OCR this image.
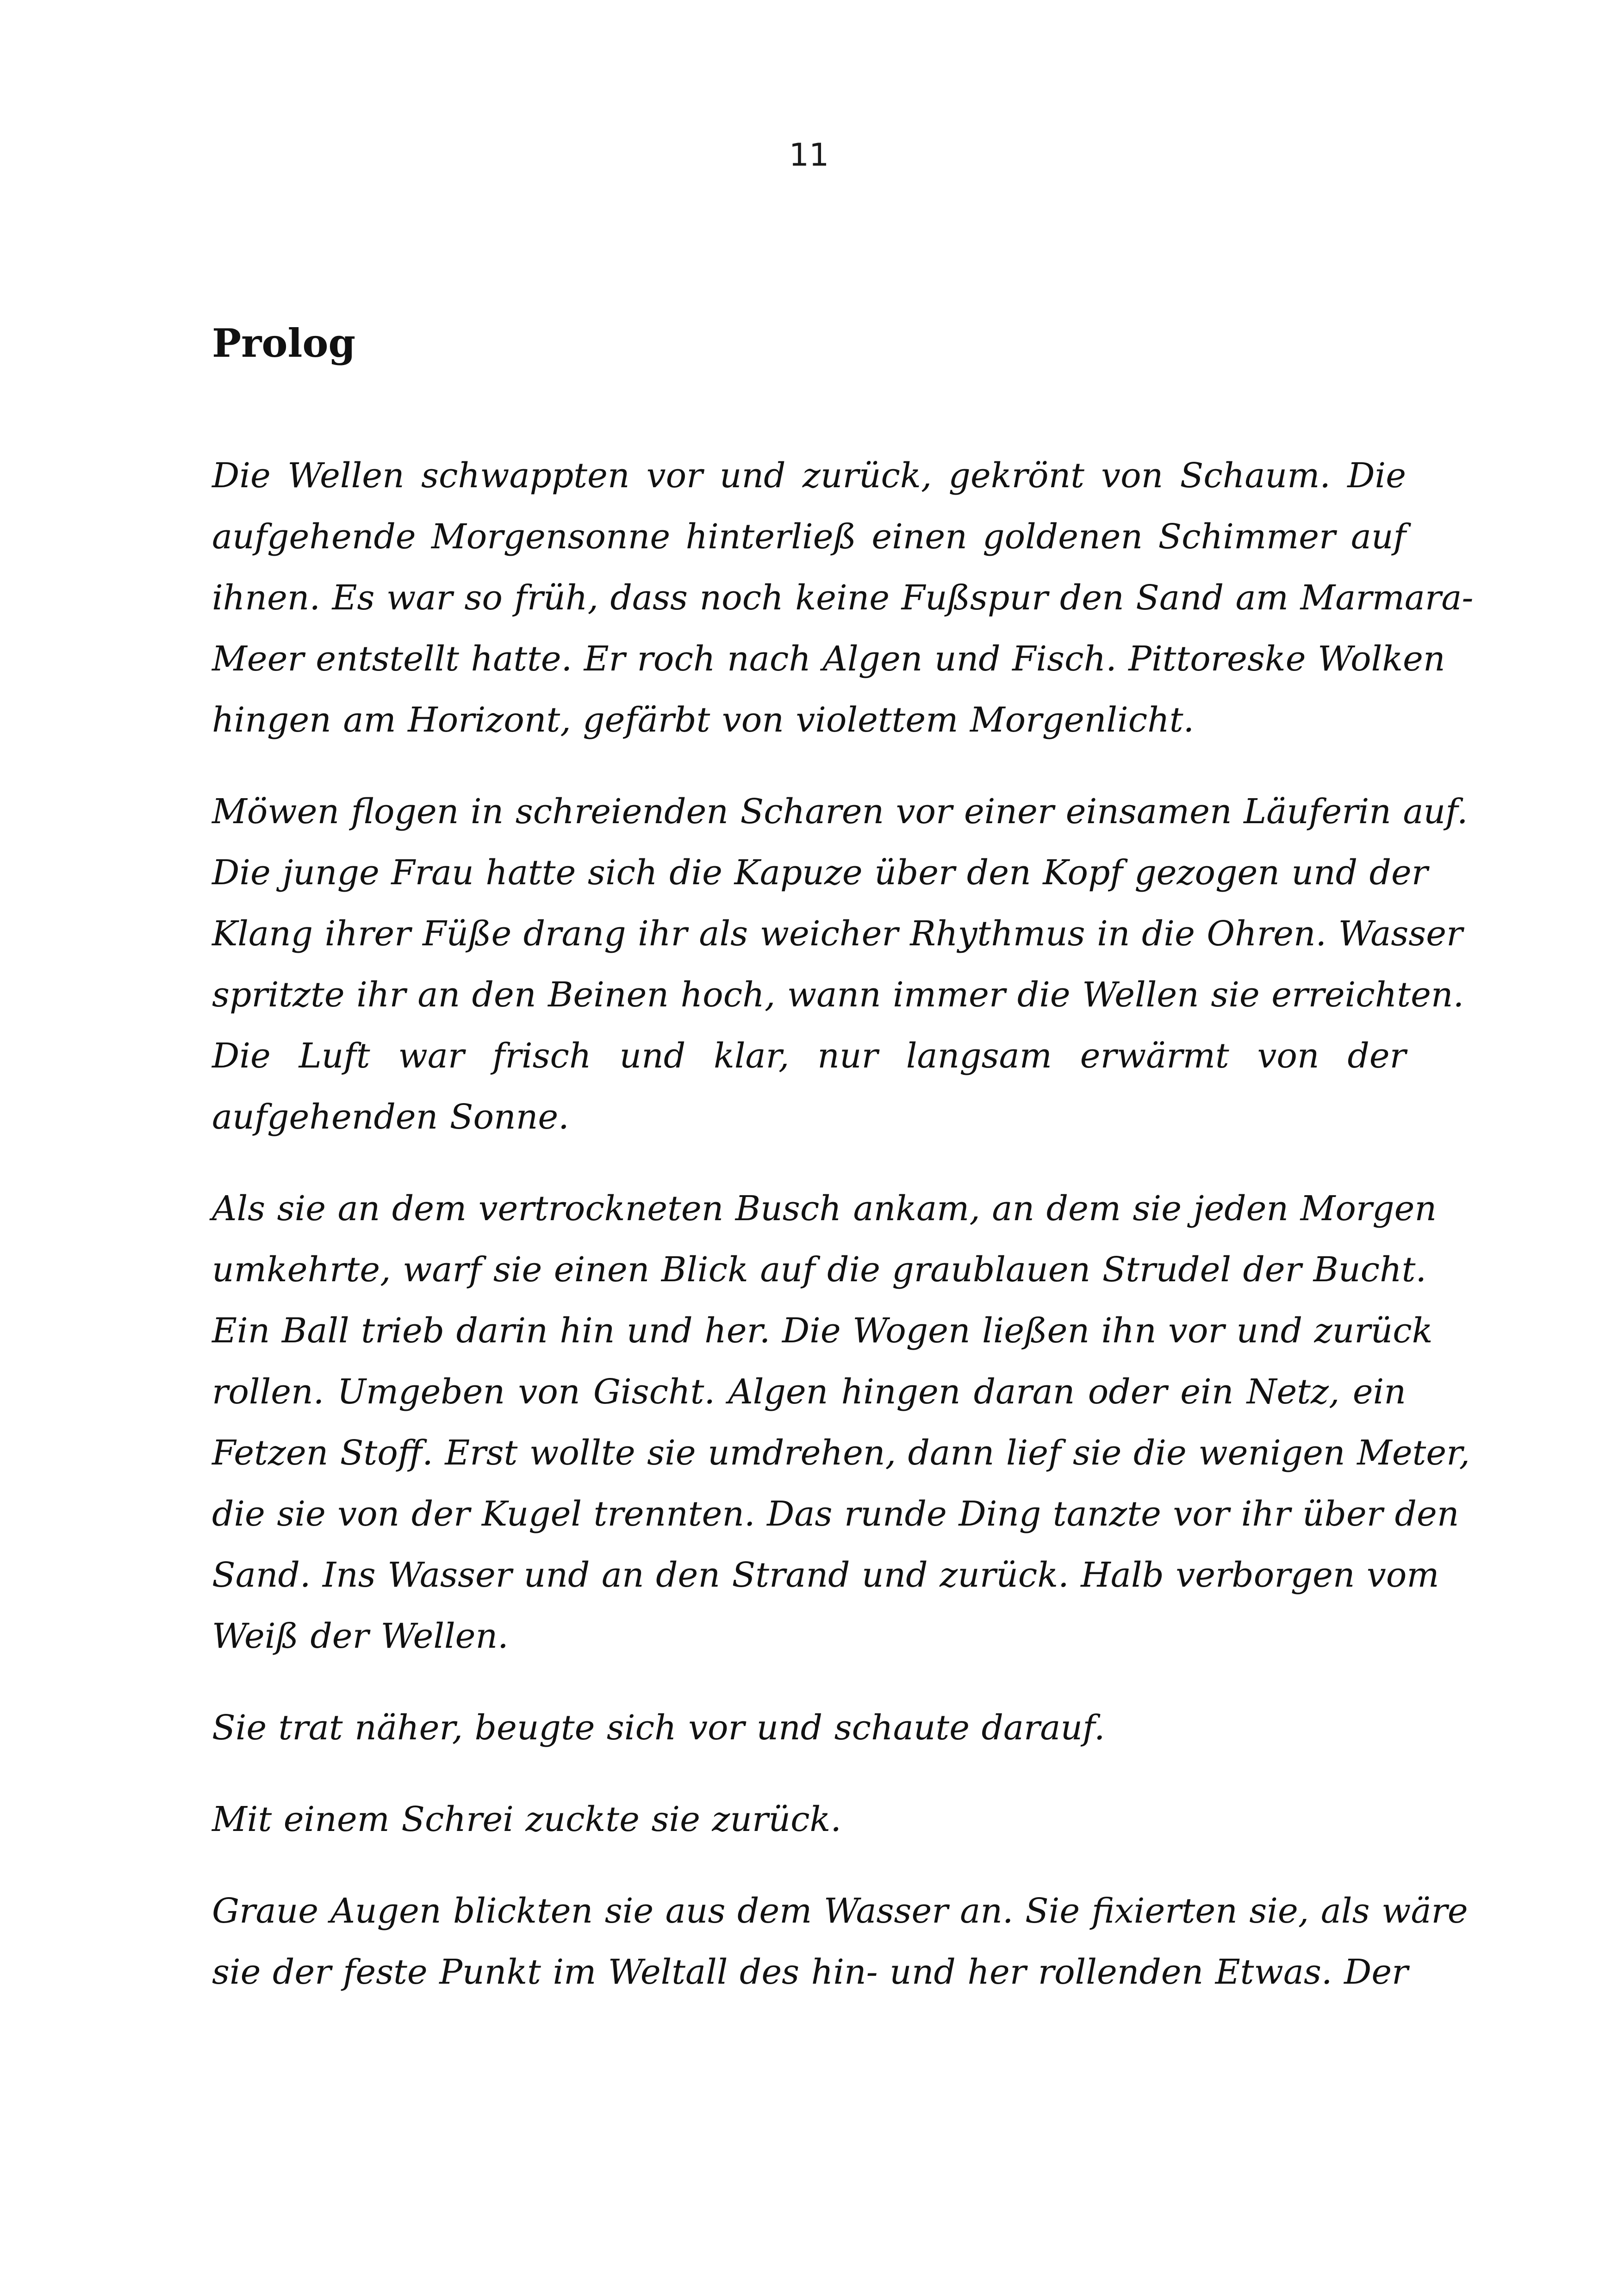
11
Prolog

Die Wellen schwappten vor und zurück, gekrönt von Schaum. Die
aufgehende Morgensonne hinterließ einen goldenen Schimmer auf
ihnen. Es war so früh, dass noch keine Fußspur den Sand am Marmara-
Meer entstellt hatte. Er roch nach Algen und Fisch. Pittoreske Wolken
hingen am Horizont, gefärbt von violettem Morgenlicht.

Möwen flogen in schreienden Scharen vor einer einsamen Läuferin auf.
Die junge Frau hatte sich die Kapuze über den Kopf gezogen und der
Klang ihrer Füße drang ihr als weicher Rhythmus in die Ohren. Wasser
spritzte ihr an den Beinen hoch, wann immer die Wellen sie erreichten.
Die Luft war frisch und klar, nur langsam erwärmt von der
aufgehenden Sonne.

Als sie an dem vertrockneten Busch ankam, an dem sie jeden Morgen
umkehrte, warf sie einen Blick auf die graublauen Strudel der Bucht.
Ein Ball trieb darin hin und her. Die Wogen ließen ihn vor und zurück
rollen. Umgeben von Gischt. Algen hingen daran oder ein Netz, ein
Fetzen Stoff. Erst wollte sie umdrehen, dann lief sie die wenigen Meter,
die sie von der Kugel trennten. Das runde Ding tanzte vor ihr über den
Sand. Ins Wasser und an den Strand und zurück. Halb verborgen vom
Weiß der Wellen.

Sie trat näher, beugte sich vor und schaute darauf.

Mit einem Schrei zuckte sie zurück.

Graue Augen blickten sie aus dem Wasser an. Sie fixierten sie, als wäre
sie der feste Punkt im Weltall des hin- und her rollenden Etwas. Der
